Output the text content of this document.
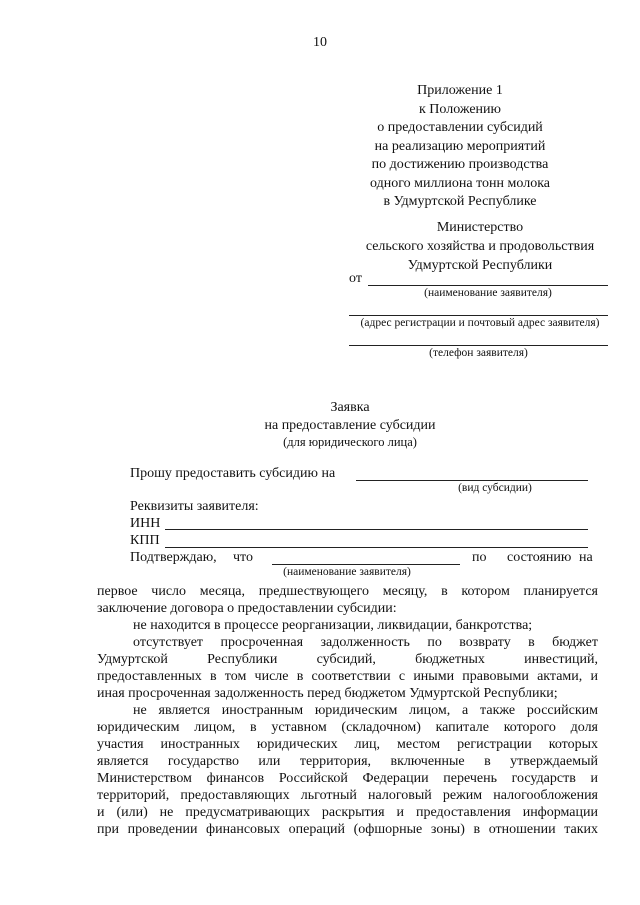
10
Приложение 1
к Положению
о предоставлении субсидий
на реализацию мероприятий
по достижению производства
одного миллиона тонн молока
в Удмуртской Республике
Министерство
сельского хозяйства и продовольствия
Удмуртской Республики
от
(наименование заявителя)
(адрес регистрации и почтовый адрес заявителя)
(телефон заявителя)
Заявка
на предоставление субсидии
(для юридического лица)
Прошу предоставить субсидию на
(вид субсидии)
Реквизиты заявителя:
ИНН
КПП
Подтверждаю, что	по состоянию на
(наименование заявителя)
первое число месяца, предшествующего месяцу, в котором планируется
заключение договора о предоставлении субсидии:
не находится в процессе реорганизации, ликвидации, банкротства;
отсутствует просроченная задолженность по возврату в бюджет
Удмуртской Республики субсидий, бюджетных инвестиций,
предоставленных в том числе в соответствии с иными правовыми актами, и
иная просроченная задолженность перед бюджетом Удмуртской Республики;
не является иностранным юридическим лицом, а также российским
юридическим лицом, в уставном (складочном) капитале которого доля
участия иностранных юридических лиц, местом регистрации которых
является государство или территория, включенные в утверждаемый
Министерством финансов Российской Федерации перечень государств и
территорий, предоставляющих льготный налоговый режим налогообложения
и (или) не предусматривающих раскрытия и предоставления информации
при проведении финансовых операций (офшорные зоны) в отношении таких
